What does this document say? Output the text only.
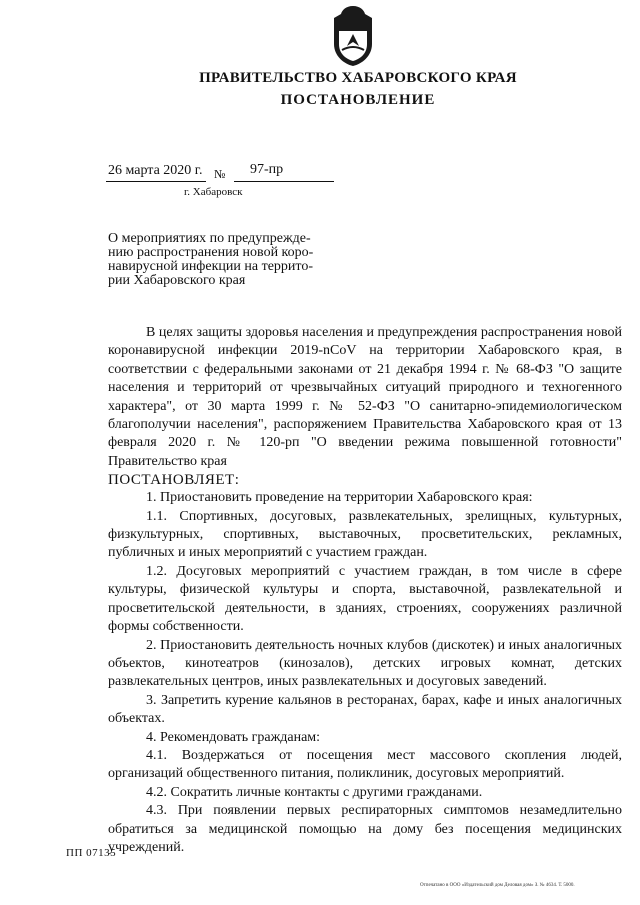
ПРАВИТЕЛЬСТВО ХАБАРОВСКОГО КРАЯ
ПОСТАНОВЛЕНИЕ
26 марта 2020 г. № 97-пр
г. Хабаровск
О мероприятиях по предупрежде-
нию распространения новой коро-
навирусной инфекции на террито-
рии Хабаровского края

В целях защиты здоровья населения и предупреждения распространения новой коронавирусной инфекции 2019-nCoV на территории Хабаровского края, в соответствии с федеральными законами от 21 декабря 1994 г. № 68-ФЗ "О защите населения и территорий от чрезвычайных ситуаций природного и техногенного характера", от 30 марта 1999 г. № 52-ФЗ "О санитарно-эпидемиологическом благополучии населения", распоряжением Правительства Хабаровского края от 13 февраля 2020 г. № 120-рп "О введении режима повышенной готовности" Правительство края

ПОСТАНОВЛЯЕТ:

1. Приостановить проведение на территории Хабаровского края:

1.1. Спортивных, досуговых, развлекательных, зрелищных, культурных, физкультурных, спортивных, выставочных, просветительских, рекламных, публичных и иных мероприятий с участием граждан.

1.2. Досуговых мероприятий с участием граждан, в том числе в сфере культуры, физической культуры и спорта, выставочной, развлекательной и просветительской деятельности, в зданиях, строениях, сооружениях различной формы собственности.

2. Приостановить деятельность ночных клубов (дискотек) и иных аналогичных объектов, кинотеатров (кинозалов), детских игровых комнат, детских развлекательных центров, иных развлекательных и досуговых заведений.

3. Запретить курение кальянов в ресторанах, барах, кафе и иных аналогичных объектах.

4. Рекомендовать гражданам:

4.1. Воздержаться от посещения мест массового скопления людей, организаций общественного питания, поликлиник, досуговых мероприятий.

4.2. Сократить личные контакты с другими гражданами.

4.3. При появлении первых респираторных симптомов незамедлительно обратиться за медицинской помощью на дому без посещения медицинских учреждений.

ПП 07135
Отпечатано в ООО «Издательский дом Деловая дом» З. № 4634. Т. 5000.
